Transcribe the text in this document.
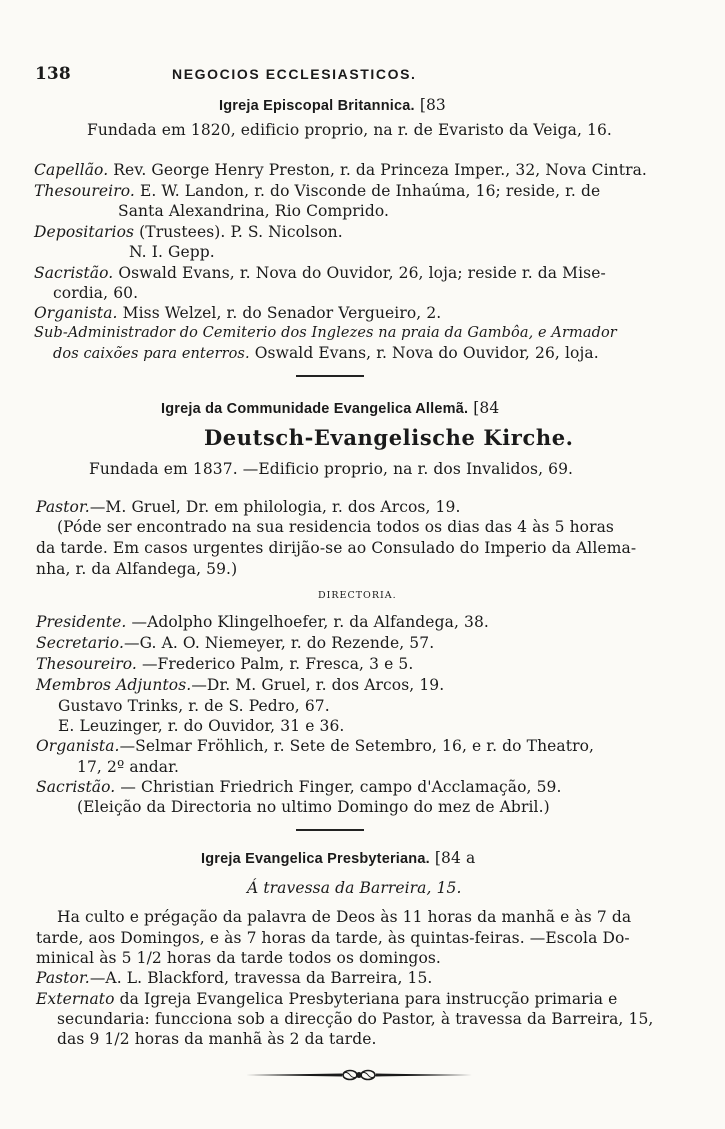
138	NEGOCIOS ECCLESIASTICOS.
Igreja Episcopal Britannica. [83
Fundada em 1820, edificio proprio, na r. de Evaristo da Veiga, 16.
Capellão. Rev. George Henry Preston, r. da Princeza Imper., 32, Nova Cintra.
Thesoureiro. E. W. Landon, r. do Visconde de Inhaúma, 16; reside, r. de
Santa Alexandrina, Rio Comprido.
Depositarios (Trustees). P. S. Nicolson.
N. I. Gepp.
Sacristão. Oswald Evans, r. Nova do Ouvidor, 26, loja; reside r. da Mise-
cordia, 60.
Organista. Miss Welzel, r. do Senador Vergueiro, 2.
Sub-Administrador do Cemiterio dos Inglezes na praia da Gambôa, e Armador
dos caixões para enterros. Oswald Evans, r. Nova do Ouvidor, 26, loja.
Igreja da Communidade Evangelica Allemã. [84
Deutsch-Evangelische Kirche.
Fundada em 1837. —Edificio proprio, na r. dos Invalidos, 69.
Pastor.—M. Gruel, Dr. em philologia, r. dos Arcos, 19.
(Póde ser encontrado na sua residencia todos os dias das 4 às 5 horas
da tarde. Em casos urgentes dirijão-se ao Consulado do Imperio da Allema-
nha, r. da Alfandega, 59.)
DIRECTORIA.
Presidente. —Adolpho Klingelhoefer, r. da Alfandega, 38.
Secretario.—G. A. O. Niemeyer, r. do Rezende, 57.
Thesoureiro. —Frederico Palm, r. Fresca, 3 e 5.
Membros Adjuntos.—Dr. M. Gruel, r. dos Arcos, 19.
Gustavo Trinks, r. de S. Pedro, 67.
E. Leuzinger, r. do Ouvidor, 31 e 36.
Organista.—Selmar Fröhlich, r. Sete de Setembro, 16, e r. do Theatro,
17, 2º andar.
Sacristão. — Christian Friedrich Finger, campo d'Acclamação, 59.
(Eleição da Directoria no ultimo Domingo do mez de Abril.)
Igreja Evangelica Presbyteriana. [84 a
Á travessa da Barreira, 15.
Ha culto e prégação da palavra de Deos às 11 horas da manhã e às 7 da
tarde, aos Domingos, e às 7 horas da tarde, às quintas-feiras. —Escola Do-
minical às 5 1/2 horas da tarde todos os domingos.
Pastor.—A. L. Blackford, travessa da Barreira, 15.
Externato da Igreja Evangelica Presbyteriana para instrucção primaria e
secundaria: funcciona sob a direcção do Pastor, à travessa da Barreira, 15,
das 9 1/2 horas da manhã às 2 da tarde.
